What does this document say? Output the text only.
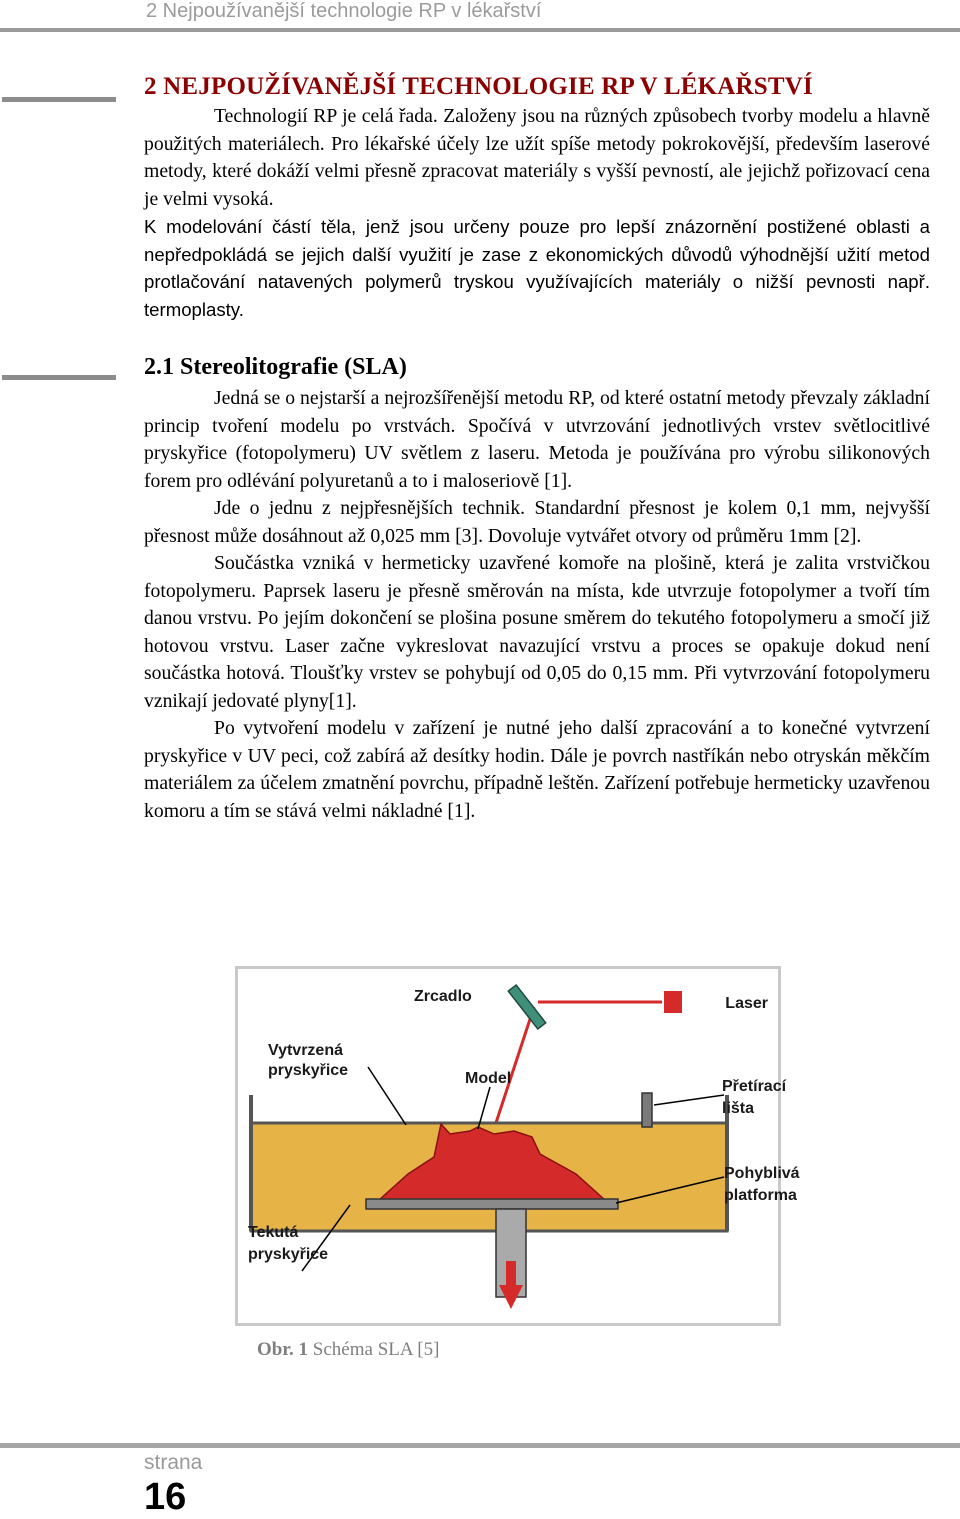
2 Nejpoužívanější technologie RP v lékařství
2 NEJPOUŽÍVANĚJŠÍ TECHNOLOGIE RP V LÉKAŘSTVÍ

Technologií RP je celá řada. Založeny jsou na různých způsobech tvorby modelu a hlavně použitých materiálech. Pro lékařské účely lze užít spíše metody pokrokovější, především laserové metody, které dokáží velmi přesně zpracovat materiály s vyšší pevností, ale jejichž pořizovací cena je velmi vysoká.

K modelování částí těla, jenž jsou určeny pouze pro lepší znázornění postižené oblasti a nepředpokládá se jejich další využití je zase z ekonomických důvodů výhodnější užití metod protlačování natavených polymerů tryskou využívajících materiály o nižší pevnosti např. termoplasty.

2.1 Stereolitografie (SLA)

Jedná se o nejstarší a nejrozšířenější metodu RP, od které ostatní metody převzaly základní princip tvoření modelu po vrstvách. Spočívá v utvrzování jednotlivých vrstev světlocitlivé pryskyřice (fotopolymeru) UV světlem z laseru. Metoda je používána pro výrobu silikonových forem pro odlévání polyuretanů a to i maloseriově [1].

Jde o jednu z nejpřesnějších technik. Standardní přesnost je kolem 0,1 mm, nejvyšší přesnost může dosáhnout až 0,025 mm [3]. Dovoluje vytvářet otvory od průměru 1mm [2].

Součástka vzniká v hermeticky uzavřené komoře na plošině, která je zalita vrstvičkou fotopolymeru. Paprsek laseru je přesně směrován na místa, kde utvrzuje fotopolymer a tvoří tím danou vrstvu. Po jejím dokončení se plošina posune směrem do tekutého fotopolymeru a smočí již hotovou vrstvu. Laser začne vykreslovat navazující vrstvu a proces se opakuje dokud není součástka hotová. Tloušťky vrstev se pohybují od 0,05 do 0,15 mm. Při vytvrzování fotopolymeru vznikají jedovaté plyny[1].

Po vytvoření modelu v zařízení je nutné jeho další zpracování a to konečné vytvrzení pryskyřice v UV peci, což zabírá až desítky hodin. Dále je povrch nastříkán nebo otryskán měkčím materiálem za účelem zmatnění povrchu, případně leštěn. Zařízení potřebuje hermeticky uzavřenou komoru a tím se stává velmi nákladné [1].

Zrcadlo	Laser
Vytvrzená
pryskyřice	Model	Přetírací
lišta
Pohyblivá
platforma
Tekutá
pryskyřice
Obr. 1 Schéma SLA [5]
strana
16
